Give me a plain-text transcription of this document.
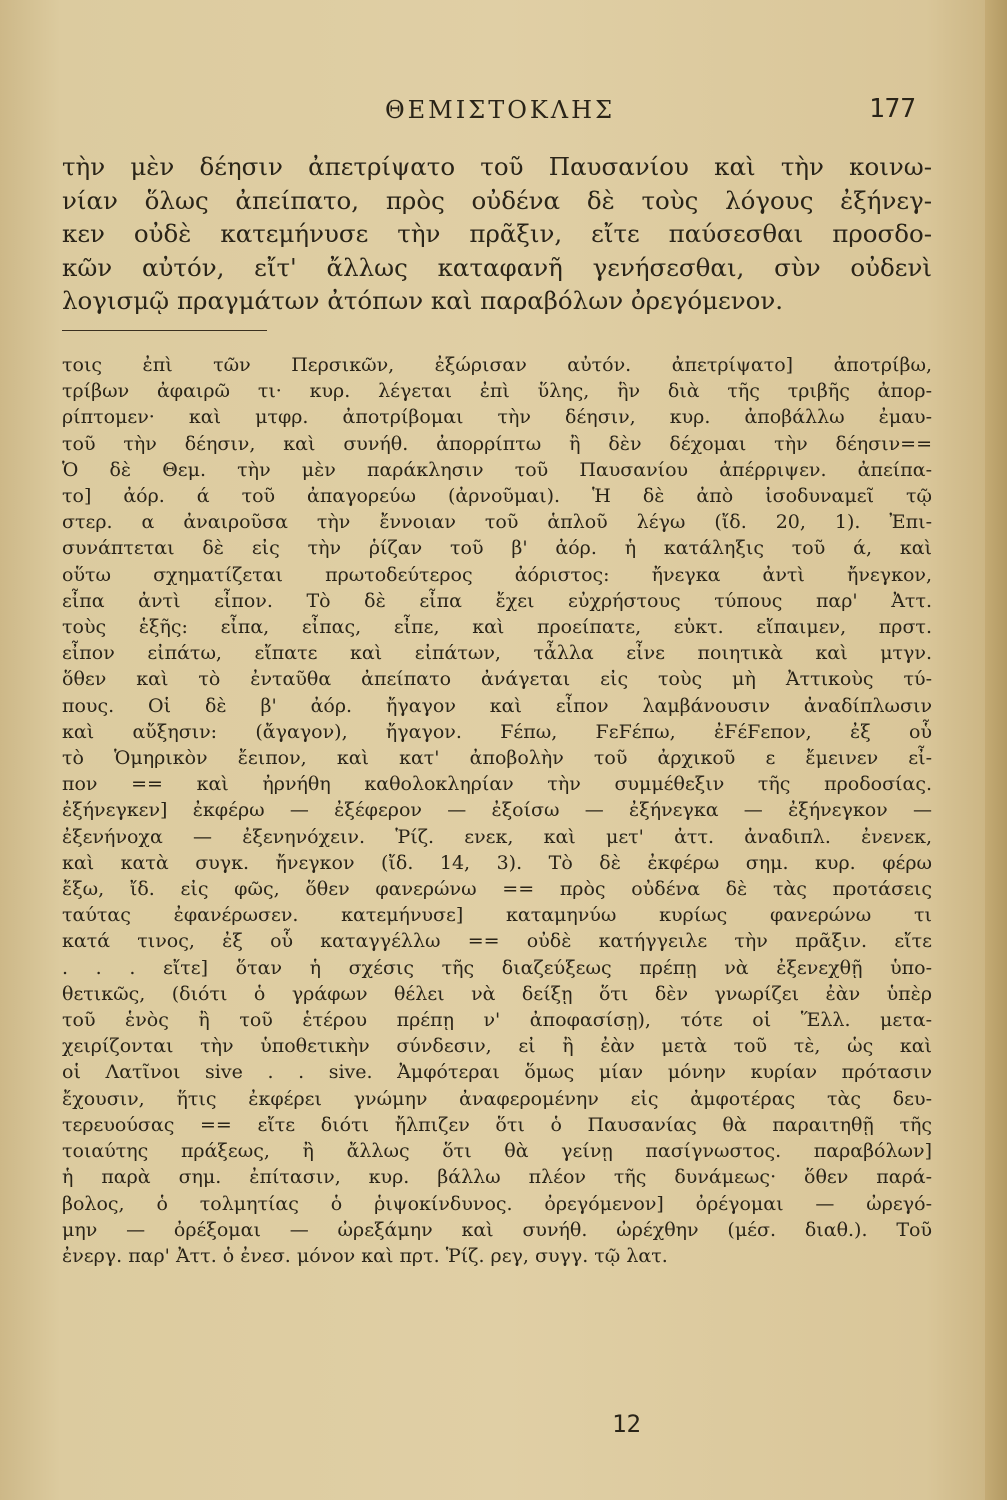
ΘΕΜΙΣΤΟΚΛΗΣ	177

τὴν μὲν δέησιν ἀπετρίψατο τοῦ Παυσανίου καὶ τὴν κοινω-

νίαν ὅλως ἀπείπατο, πρὸς οὐδένα δὲ τοὺς λόγους ἐξήνεγ-

κεν οὐδὲ κατεμήνυσε τὴν πρᾶξιν, εἴτε παύσεσθαι προσδο-

κῶν αὐτόν, εἴτ' ἄλλως καταφανῆ γενήσεσθαι, σὺν οὐδενὶ

λογισμῷ πραγμάτων ἀτόπων καὶ παραβόλων ὀρεγόμενον.

τοις ἐπὶ τῶν Περσικῶν, ἐξώρισαν αὐτόν. ἀπετρίψατο] ἀποτρίβω,

τρίβων ἀφαιρῶ τι· κυρ. λέγεται ἐπὶ ὕλης, ἣν διὰ τῆς τριβῆς ἀπορ-

ρίπτομεν· καὶ μτφρ. ἀποτρίβομαι τὴν δέησιν, κυρ. ἀποβάλλω ἐμαυ-

τοῦ τὴν δέησιν, καὶ συνήθ. ἀπορρίπτω ἢ δὲν δέχομαι τὴν δέησιν==

Ὁ δὲ Θεμ. τὴν μὲν παράκλησιν τοῦ Παυσανίου ἀπέρριψεν. ἀπείπα-

το] ἀόρ. ά τοῦ ἀπαγορεύω (ἀρνοῦμαι). Ἡ δὲ ἀπὸ ἰσοδυναμεῖ τῷ

στερ. α ἀναιροῦσα τὴν ἔννοιαν τοῦ ἁπλοῦ λέγω (ἴδ. 20, 1). Ἐπι-

συνάπτεται δὲ εἰς τὴν ῥίζαν τοῦ β' ἀόρ. ἡ κατάληξις τοῦ ά, καὶ

οὕτω σχηματίζεται πρωτοδεύτερος ἀόριστος: ἤνεγκα ἀντὶ ἤνεγκον,

εἶπα ἀντὶ εἶπον. Τὸ δὲ εἶπα ἔχει εὐχρήστους τύπους παρ' Ἀττ.

τοὺς ἑξῆς: εἶπα, εἶπας, εἶπε, καὶ προείπατε, εὐκτ. εἴπαιμεν, πρστ.

εἶπον εἰπάτω, εἴπατε καὶ εἰπάτων, τἆλλα εἶνε ποιητικὰ καὶ μτγν.

ὅθεν καὶ τὸ ἐνταῦθα ἀπείπατο ἀνάγεται εἰς τοὺς μὴ Ἀττικοὺς τύ-

πους. Οἱ δὲ β' ἀόρ. ἤγαγον καὶ εἶπον λαμβάνουσιν ἀναδίπλωσιν

καὶ αὔξησιν: (ἄγαγον), ἤγαγον. Ϝέπω, ϜεϜέπω, ἐϜέϜεπον, ἐξ οὗ

τὸ Ὁμηρικὸν ἔειπον, καὶ κατ' ἀποβολὴν τοῦ ἀρχικοῦ ε ἔμεινεν εἶ-

πον == καὶ ἠρνήθη καθολοκληρίαν τὴν συμμέθεξιν τῆς προδοσίας.

ἐξήνεγκεν] ἐκφέρω — ἐξέφερον — ἐξοίσω — ἐξήνεγκα — ἐξήνεγκον —

ἐξενήνοχα — ἐξενηνόχειν. Ῥίζ. ενεκ, καὶ μετ' ἀττ. ἀναδιπλ. ἐνενεκ,

καὶ κατὰ συγκ. ἤνεγκον (ἴδ. 14, 3). Τὸ δὲ ἐκφέρω σημ. κυρ. φέρω

ἔξω, ἴδ. εἰς φῶς, ὅθεν φανερώνω == πρὸς οὐδένα δὲ τὰς προτάσεις

ταύτας ἐφανέρωσεν. κατεμήνυσε] καταμηνύω κυρίως φανερώνω τι

κατά τινος, ἐξ οὗ καταγγέλλω == οὐδὲ κατήγγειλε τὴν πρᾶξιν. εἴτε

. . . εἴτε] ὅταν ἡ σχέσις τῆς διαζεύξεως πρέπῃ νὰ ἐξενεχθῇ ὑπο-

θετικῶς, (διότι ὁ γράφων θέλει νὰ δείξῃ ὅτι δὲν γνωρίζει ἐὰν ὑπὲρ

τοῦ ἑνὸς ἢ τοῦ ἑτέρου πρέπῃ ν' ἀποφασίσῃ), τότε οἱ Ἕλλ. μετα-

χειρίζονται τὴν ὑποθετικὴν σύνδεσιν, εἰ ἢ ἐὰν μετὰ τοῦ τὲ, ὡς καὶ

οἱ Λατῖνοι sive . . sive. Ἀμφότεραι ὅμως μίαν μόνην κυρίαν πρότασιν

ἔχουσιν, ἥτις ἐκφέρει γνώμην ἀναφερομένην εἰς ἀμφοτέρας τὰς δευ-

τερευούσας == εἴτε διότι ἤλπιζεν ὅτι ὁ Παυσανίας θὰ παραιτηθῇ τῆς

τοιαύτης πράξεως, ἢ ἄλλως ὅτι θὰ γείνῃ πασίγνωστος. παραβόλων]

ἡ παρὰ σημ. ἐπίτασιν, κυρ. βάλλω πλέον τῆς δυνάμεως· ὅθεν παρά-

βολος, ὁ τολμητίας ὁ ῥιψοκίνδυνος. ὀρεγόμενον] ὀρέγομαι — ὠρεγό-

μην — ὀρέξομαι — ὠρεξάμην καὶ συνήθ. ὠρέχθην (μέσ. διαθ.). Τοῦ

ἐνεργ. παρ' Ἀττ. ὁ ἐνεσ. μόνον καὶ πρτ. Ῥίζ. ρεγ, συγγ. τῷ λατ.

12
